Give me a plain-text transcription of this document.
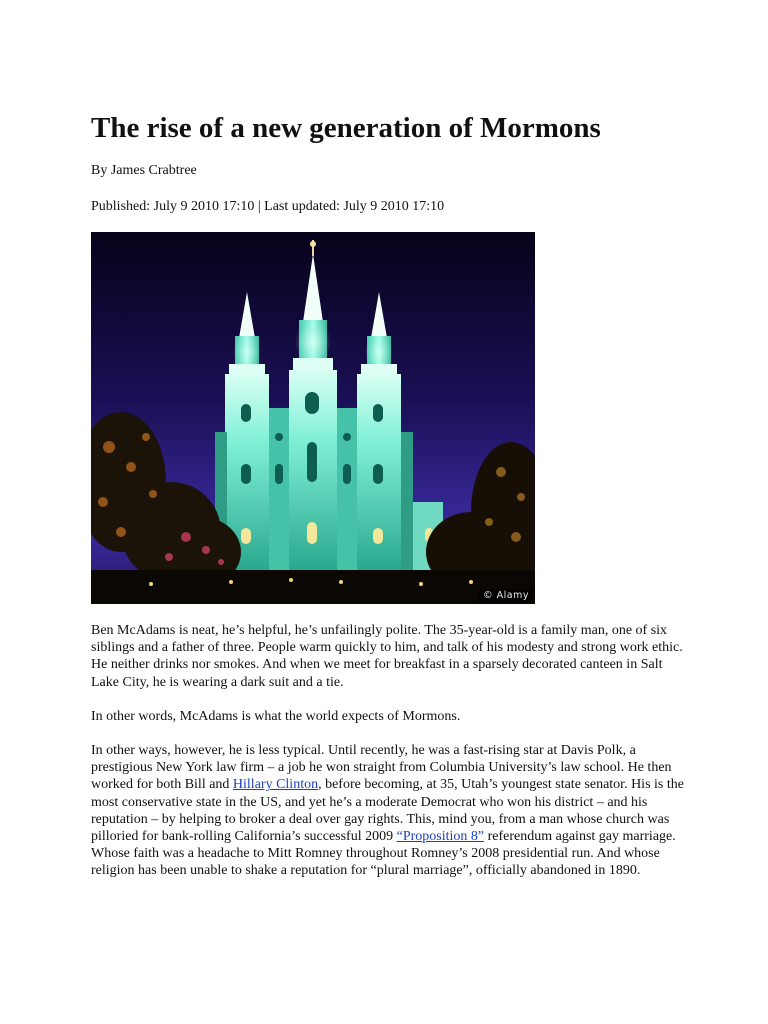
The rise of a new generation of Mormons
By James Crabtree
Published: July 9 2010 17:10 | Last updated: July 9 2010 17:10
© Alamy

Ben McAdams is neat, he’s helpful, he’s unfailingly polite. The 35-year-old is a family man, one of six siblings and a father of three. People warm quickly to him, and talk of his modesty and strong work ethic. He neither drinks nor smokes. And when we meet for breakfast in a sparsely decorated canteen in Salt Lake City, he is wearing a dark suit and a tie.

In other words, McAdams is what the world expects of Mormons.

In other ways, however, he is less typical. Until recently, he was a fast-rising star at Davis Polk, a prestigious New York law firm – a job he won straight from Columbia University’s law school. He then worked for both Bill and Hillary Clinton, before becoming, at 35, Utah’s youngest state senator. His is the most conservative state in the US, and yet he’s a moderate Democrat who won his district – and his reputation – by helping to broker a deal over gay rights. This, mind you, from a man whose church was pilloried for bank-rolling California’s successful 2009 “Proposition 8” referendum against gay marriage. Whose faith was a headache to Mitt Romney throughout Romney’s 2008 presidential run. And whose religion has been unable to shake a reputation for “plural marriage”, officially abandoned in 1890.
